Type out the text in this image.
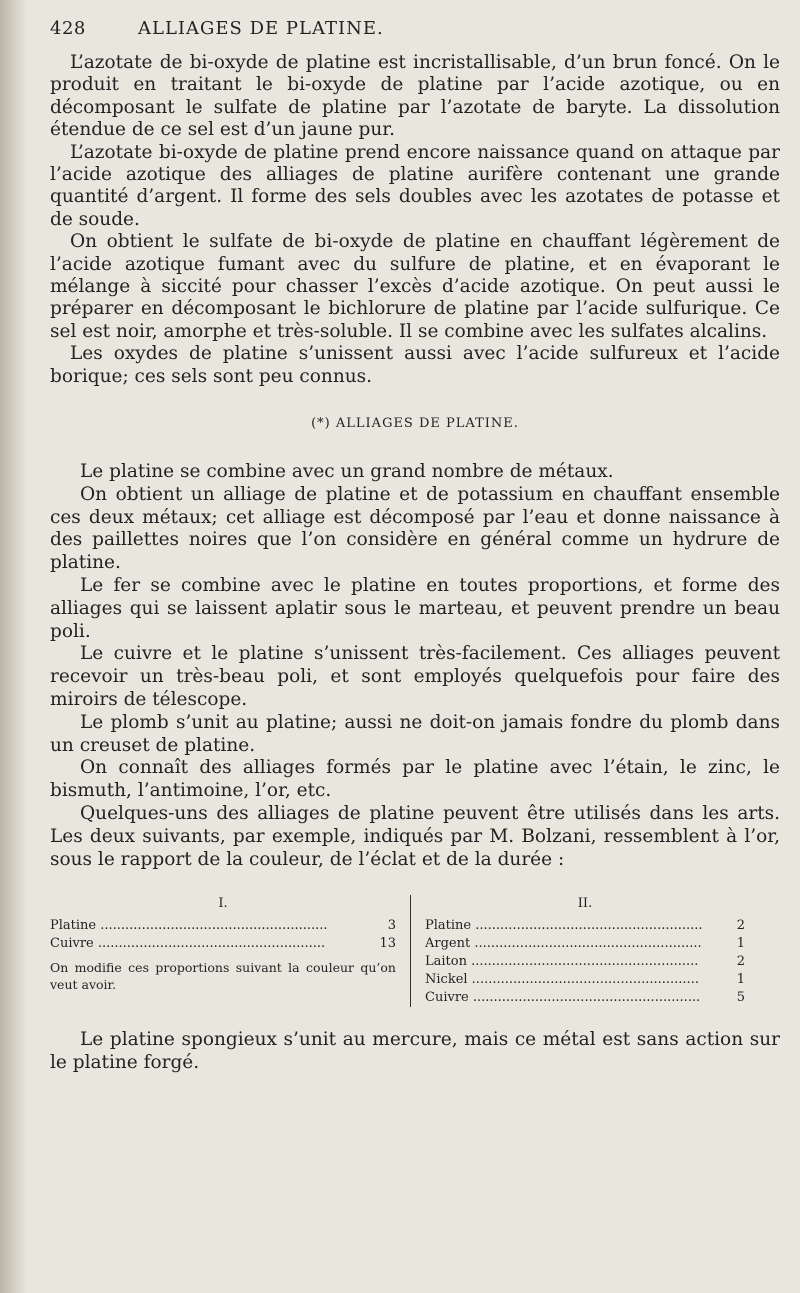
428	ALLIAGES DE PLATINE.

L’azotate de bi-oxyde de platine est incristallisable, d’un brun foncé. On le produit en traitant le bi-oxyde de platine par l’acide azotique, ou en décomposant le sulfate de platine par l’azotate de baryte. La dissolution étendue de ce sel est d’un jaune pur.

L’azotate bi-oxyde de platine prend encore naissance quand on attaque par l’acide azotique des alliages de platine aurifère contenant une grande quantité d’argent. Il forme des sels doubles avec les azotates de potasse et de soude.

On obtient le sulfate de bi-oxyde de platine en chauffant légèrement de l’acide azotique fumant avec du sulfure de platine, et en évaporant le mélange à siccité pour chasser l’excès d’acide azotique. On peut aussi le préparer en décomposant le bichlorure de platine par l’acide sulfurique. Ce sel est noir, amorphe et très-soluble. Il se combine avec les sulfates alcalins.

Les oxydes de platine s’unissent aussi avec l’acide sulfureux et l’acide borique; ces sels sont peu connus.

(*) ALLIAGES DE PLATINE.

Le platine se combine avec un grand nombre de métaux.

On obtient un alliage de platine et de potassium en chauffant ensemble ces deux métaux; cet alliage est décomposé par l’eau et donne naissance à des paillettes noires que l’on considère en général comme un hydrure de platine.

Le fer se combine avec le platine en toutes proportions, et forme des alliages qui se laissent aplatir sous le marteau, et peuvent prendre un beau poli.

Le cuivre et le platine s’unissent très-facilement. Ces alliages peuvent recevoir un très-beau poli, et sont employés quelquefois pour faire des miroirs de télescope.

Le plomb s’unit au platine; aussi ne doit-on jamais fondre du plomb dans un creuset de platine.

On connaît des alliages formés par le platine avec l’étain, le zinc, le bismuth, l’antimoine, l’or, etc.

Quelques-uns des alliages de platine peuvent être utilisés dans les arts. Les deux suivants, par exemple, indiqués par M. Bolzani, ressemblent à l’or, sous le rapport de la couleur, de l’éclat et de la durée :

I.
Platine .....	3
Cuivre .....	13
On modifie ces proportions suivant la couleur qu’on veut avoir.
II.
Platine .....	2
Argent .....	1
Laiton .....	2
Nickel .....	1
Cuivre .....	5

Le platine spongieux s’unit au mercure, mais ce métal est sans action sur le platine forgé.
